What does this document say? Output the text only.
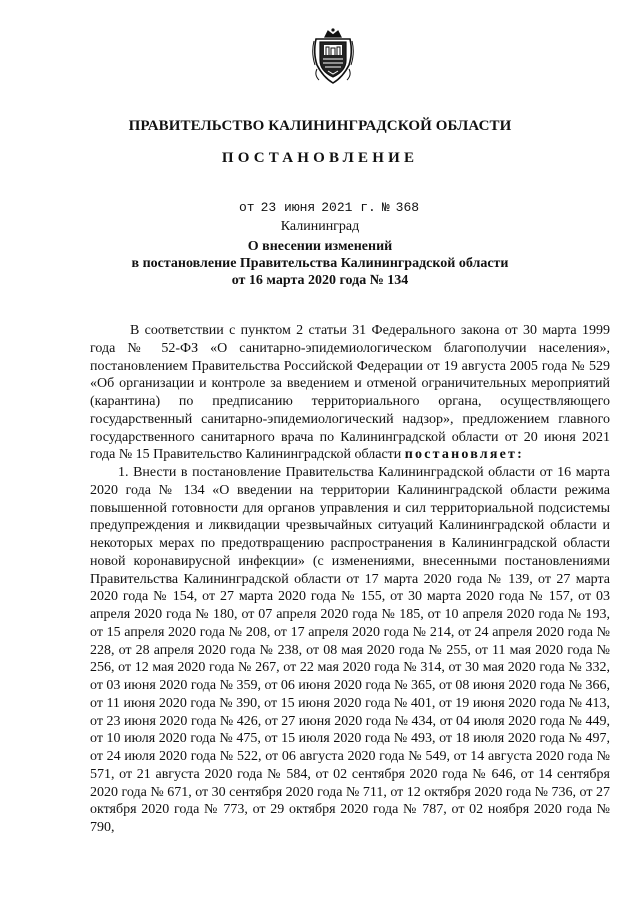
ПРАВИТЕЛЬСТВО КАЛИНИНГРАДСКОЙ ОБЛАСТИ
ПОСТАНОВЛЕНИЕ
от 23 июня 2021 г. № 368
Калининград
О внесении изменений
в постановление Правительства Калининградской области
от 16 марта 2020 года № 134

В соответствии с пунктом 2 статьи 31 Федерального закона от 30 марта 1999 года № 52-ФЗ «О санитарно-эпидемиологическом благополучии населения», постановлением Правительства Российской Федерации от 19 августа 2005 года № 529 «Об организации и контроле за введением и отменой ограничительных мероприятий (карантина) по предписанию территориального органа, осуществляющего государственный санитарно-эпидемиологический надзор», предложением главного государственного санитарного врача по Калининградской области от 20 июня 2021 года № 15 Правительство Калининградской области постановляет:

1. Внести в постановление Правительства Калининградской области от 16 марта 2020 года № 134 «О введении на территории Калининградской области режима повышенной готовности для органов управления и сил территориальной подсистемы предупреждения и ликвидации чрезвычайных ситуаций Калининградской области и некоторых мерах по предотвращению распространения в Калининградской области новой коронавирусной инфекции» (с изменениями, внесенными постановлениями Правительства Калининградской области от 17 марта 2020 года № 139, от 27 марта 2020 года № 154, от 27 марта 2020 года № 155, от 30 марта 2020 года № 157, от 03 апреля 2020 года № 180, от 07 апреля 2020 года № 185, от 10 апреля 2020 года № 193, от 15 апреля 2020 года № 208, от 17 апреля 2020 года № 214, от 24 апреля 2020 года № 228, от 28 апреля 2020 года № 238, от 08 мая 2020 года № 255, от 11 мая 2020 года № 256, от 12 мая 2020 года № 267, от 22 мая 2020 года № 314, от 30 мая 2020 года № 332, от 03 июня 2020 года № 359, от 06 июня 2020 года № 365, от 08 июня 2020 года № 366, от 11 июня 2020 года № 390, от 15 июня 2020 года № 401, от 19 июня 2020 года № 413, от 23 июня 2020 года № 426, от 27 июня 2020 года № 434, от 04 июля 2020 года № 449, от 10 июля 2020 года № 475, от 15 июля 2020 года № 493, от 18 июля 2020 года № 497, от 24 июля 2020 года № 522, от 06 августа 2020 года № 549, от 14 августа 2020 года № 571, от 21 августа 2020 года № 584, от 02 сентября 2020 года № 646, от 14 сентября 2020 года № 671, от 30 сентября 2020 года № 711, от 12 октября 2020 года № 736, от 27 октября 2020 года № 773, от 29 октября 2020 года № 787, от 02 ноября 2020 года № 790,
